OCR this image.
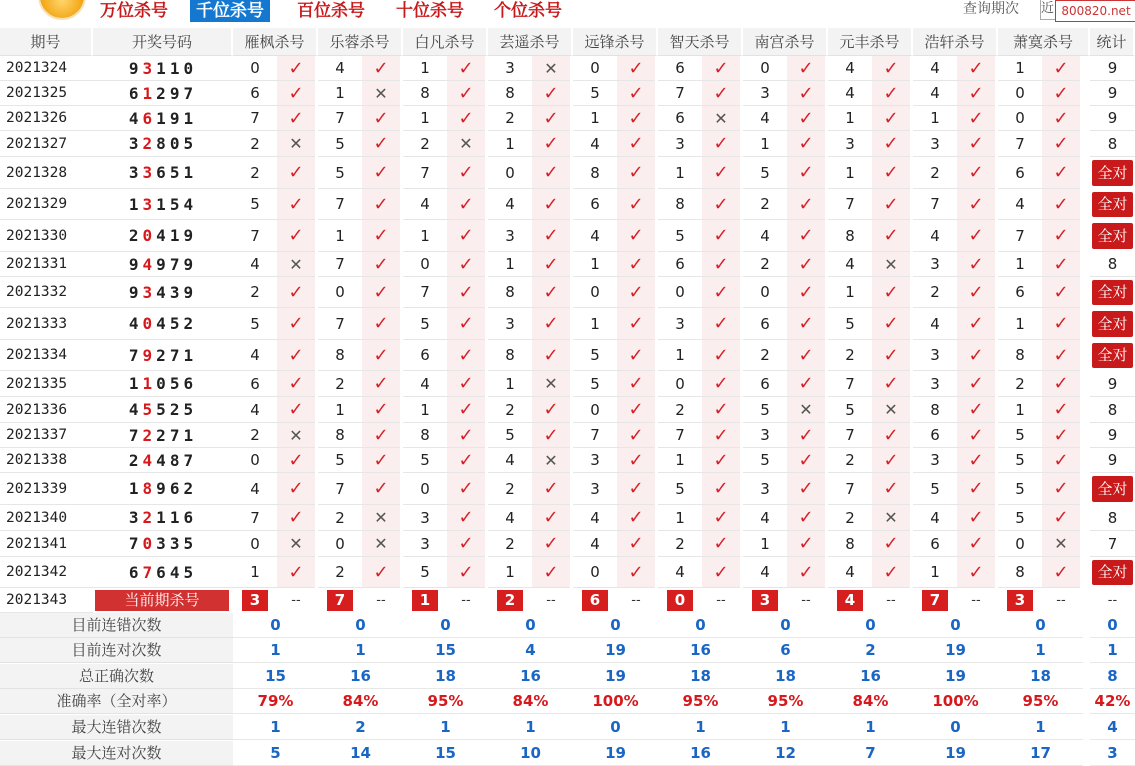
万位杀号	千位杀号	百位杀号 十位杀号 个位杀号	查询期次 近 800820.net
期号	开奖号码	雁枫杀号	乐蓉杀号	白凡杀号	芸遥杀号	远锋杀号	智天杀号	南宫杀号	元丰杀号	浩轩杀号	萧寞杀号	统计
2021324	93110	0	✓	4	✓	1	✓	3	✕	0	✓	6	✓	0	✓	4	✓	4	✓	1	✓	9
2021325	61297	6	✓	1	✕	8	✓	8	✓	5	✓	7	✓	3	✓	4	✓	4	✓	0	✓	9
2021326	46191	7	✓	7	✓	1	✓	2	✓	1	✓	6	✕	4	✓	1	✓	1	✓	0	✓	9
2021327	32805	2	✕	5	✓	2	✕	1	✓	4	✓	3	✓	1	✓	3	✓	3	✓	7	✓	8
2021328	33651	2	✓	5	✓	7	✓	0	✓	8	✓	1	✓	5	✓	1	✓	2	✓	6	✓	全对
2021329	13154	5	✓	7	✓	4	✓	4	✓	6	✓	8	✓	2	✓	7	✓	7	✓	4	✓	全对
2021330	20419	7	✓	1	✓	1	✓	3	✓	4	✓	5	✓	4	✓	8	✓	4	✓	7	✓	全对
2021331	94979	4	✕	7	✓	0	✓	1	✓	1	✓	6	✓	2	✓	4	✕	3	✓	1	✓	8
2021332	93439	2	✓	0	✓	7	✓	8	✓	0	✓	0	✓	0	✓	1	✓	2	✓	6	✓	全对
2021333	40452	5	✓	7	✓	5	✓	3	✓	1	✓	3	✓	6	✓	5	✓	4	✓	1	✓	全对
2021334	79271	4	✓	8	✓	6	✓	8	✓	5	✓	1	✓	2	✓	2	✓	3	✓	8	✓	全对
2021335	11056	6	✓	2	✓	4	✓	1	✕	5	✓	0	✓	6	✓	7	✓	3	✓	2	✓	9
2021336	45525	4	✓	1	✓	1	✓	2	✓	0	✓	2	✓	5	✕	5	✕	8	✓	1	✓	8
2021337	72271	2	✕	8	✓	8	✓	5	✓	7	✓	7	✓	3	✓	7	✓	6	✓	5	✓	9
2021338	24487	0	✓	5	✓	5	✓	4	✕	3	✓	1	✓	5	✓	2	✓	3	✓	5	✓	9
2021339	18962	4	✓	7	✓	0	✓	2	✓	3	✓	5	✓	3	✓	7	✓	5	✓	5	✓	全对
2021340	32116	7	✓	2	✕	3	✓	4	✓	4	✓	1	✓	4	✓	2	✕	4	✓	5	✓	8
2021341	70335	0	✕	0	✕	3	✓	2	✓	4	✓	2	✓	1	✓	8	✓	6	✓	0	✕	7
2021342	67645	1	✓	2	✓	5	✓	1	✓	0	✓	4	✓	4	✓	4	✓	1	✓	8	✓	全对
2021343	当前期杀号	3	--	7	--	1	--	2	--	6	--	0	--	3	--	4	--	7	--	3	--	--
目前连错次数	0	0	0	0	0	0	0	0	0	0	0
目前连对次数	1	1	15	4	19	16	6	2	19	1	1
总正确次数	15	16	18	16	19	18	18	16	19	18	8
准确率（全对率）	79%	84%	95%	84%	100%	95%	95%	84%	100%	95%	42%
最大连错次数	1	2	1	1	0	1	1	1	0	1	4
最大连对次数	5	14	15	10	19	16	12	7	19	17	3
